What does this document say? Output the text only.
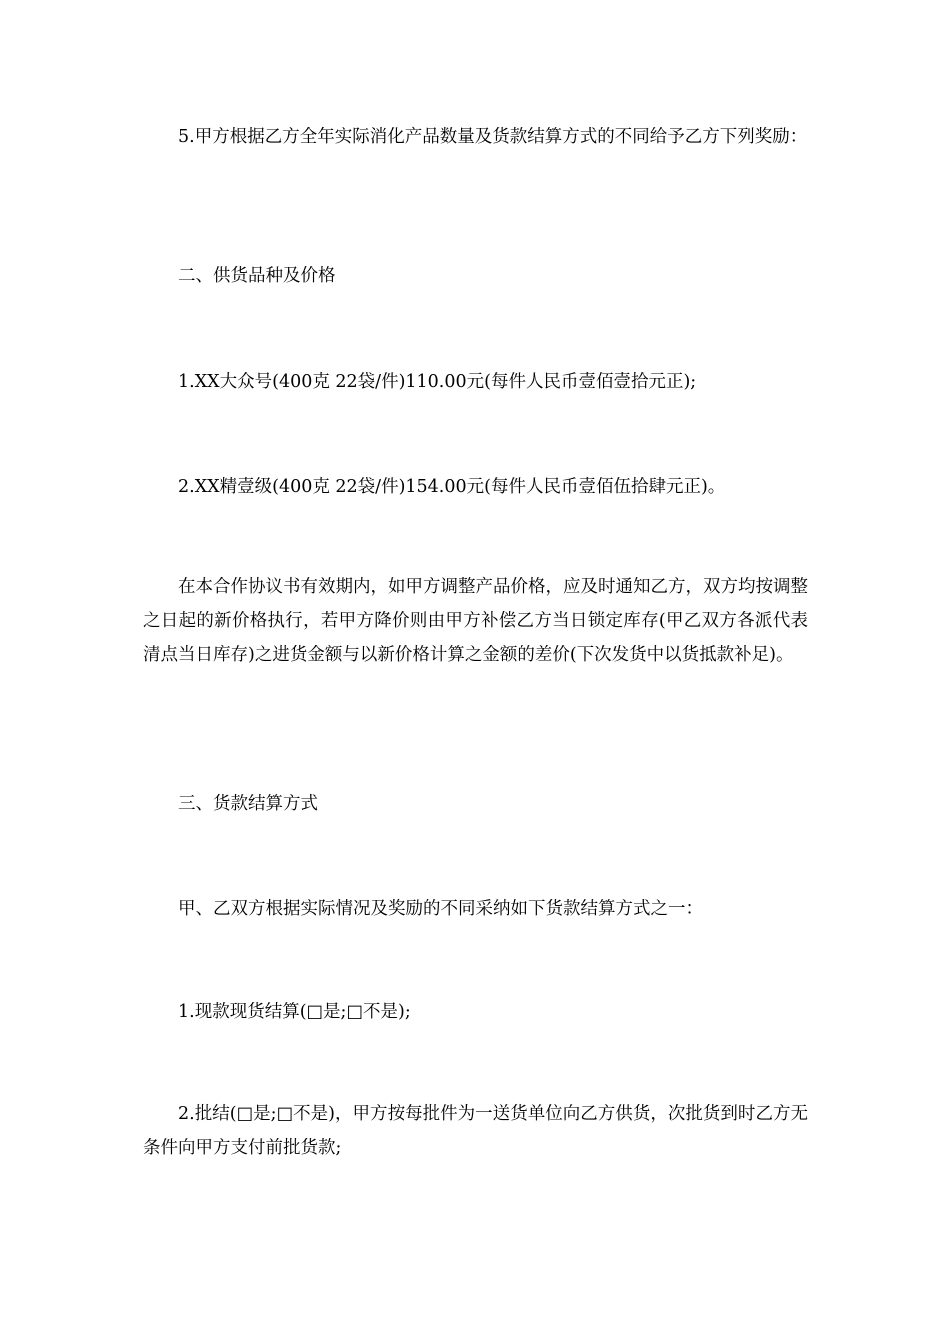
5.甲方根据乙方全年实际消化产品数量及货款结算方式的不同给予乙方下列奖励：

二、供货品种及价格

1.XX大众号(400克 22袋/件)110.00元(每件人民币壹佰壹拾元正);

2.XX精壹级(400克 22袋/件)154.00元(每件人民币壹佰伍拾肆元正)。

在本合作协议书有效期内，如甲方调整产品价格，应及时通知乙方，双方均按调整之日起的新价格执行，若甲方降价则由甲方补偿乙方当日锁定库存(甲乙双方各派代表清点当日库存)之进货金额与以新价格计算之金额的差价(下次发货中以货抵款补足)。

三、货款结算方式

甲、乙双方根据实际情况及奖励的不同采纳如下货款结算方式之一：

1.现款现货结算(□是;□不是);

2.批结(□是;□不是)，甲方按每批件为一送货单位向乙方供货，次批货到时乙方无条件向甲方支付前批货款;
